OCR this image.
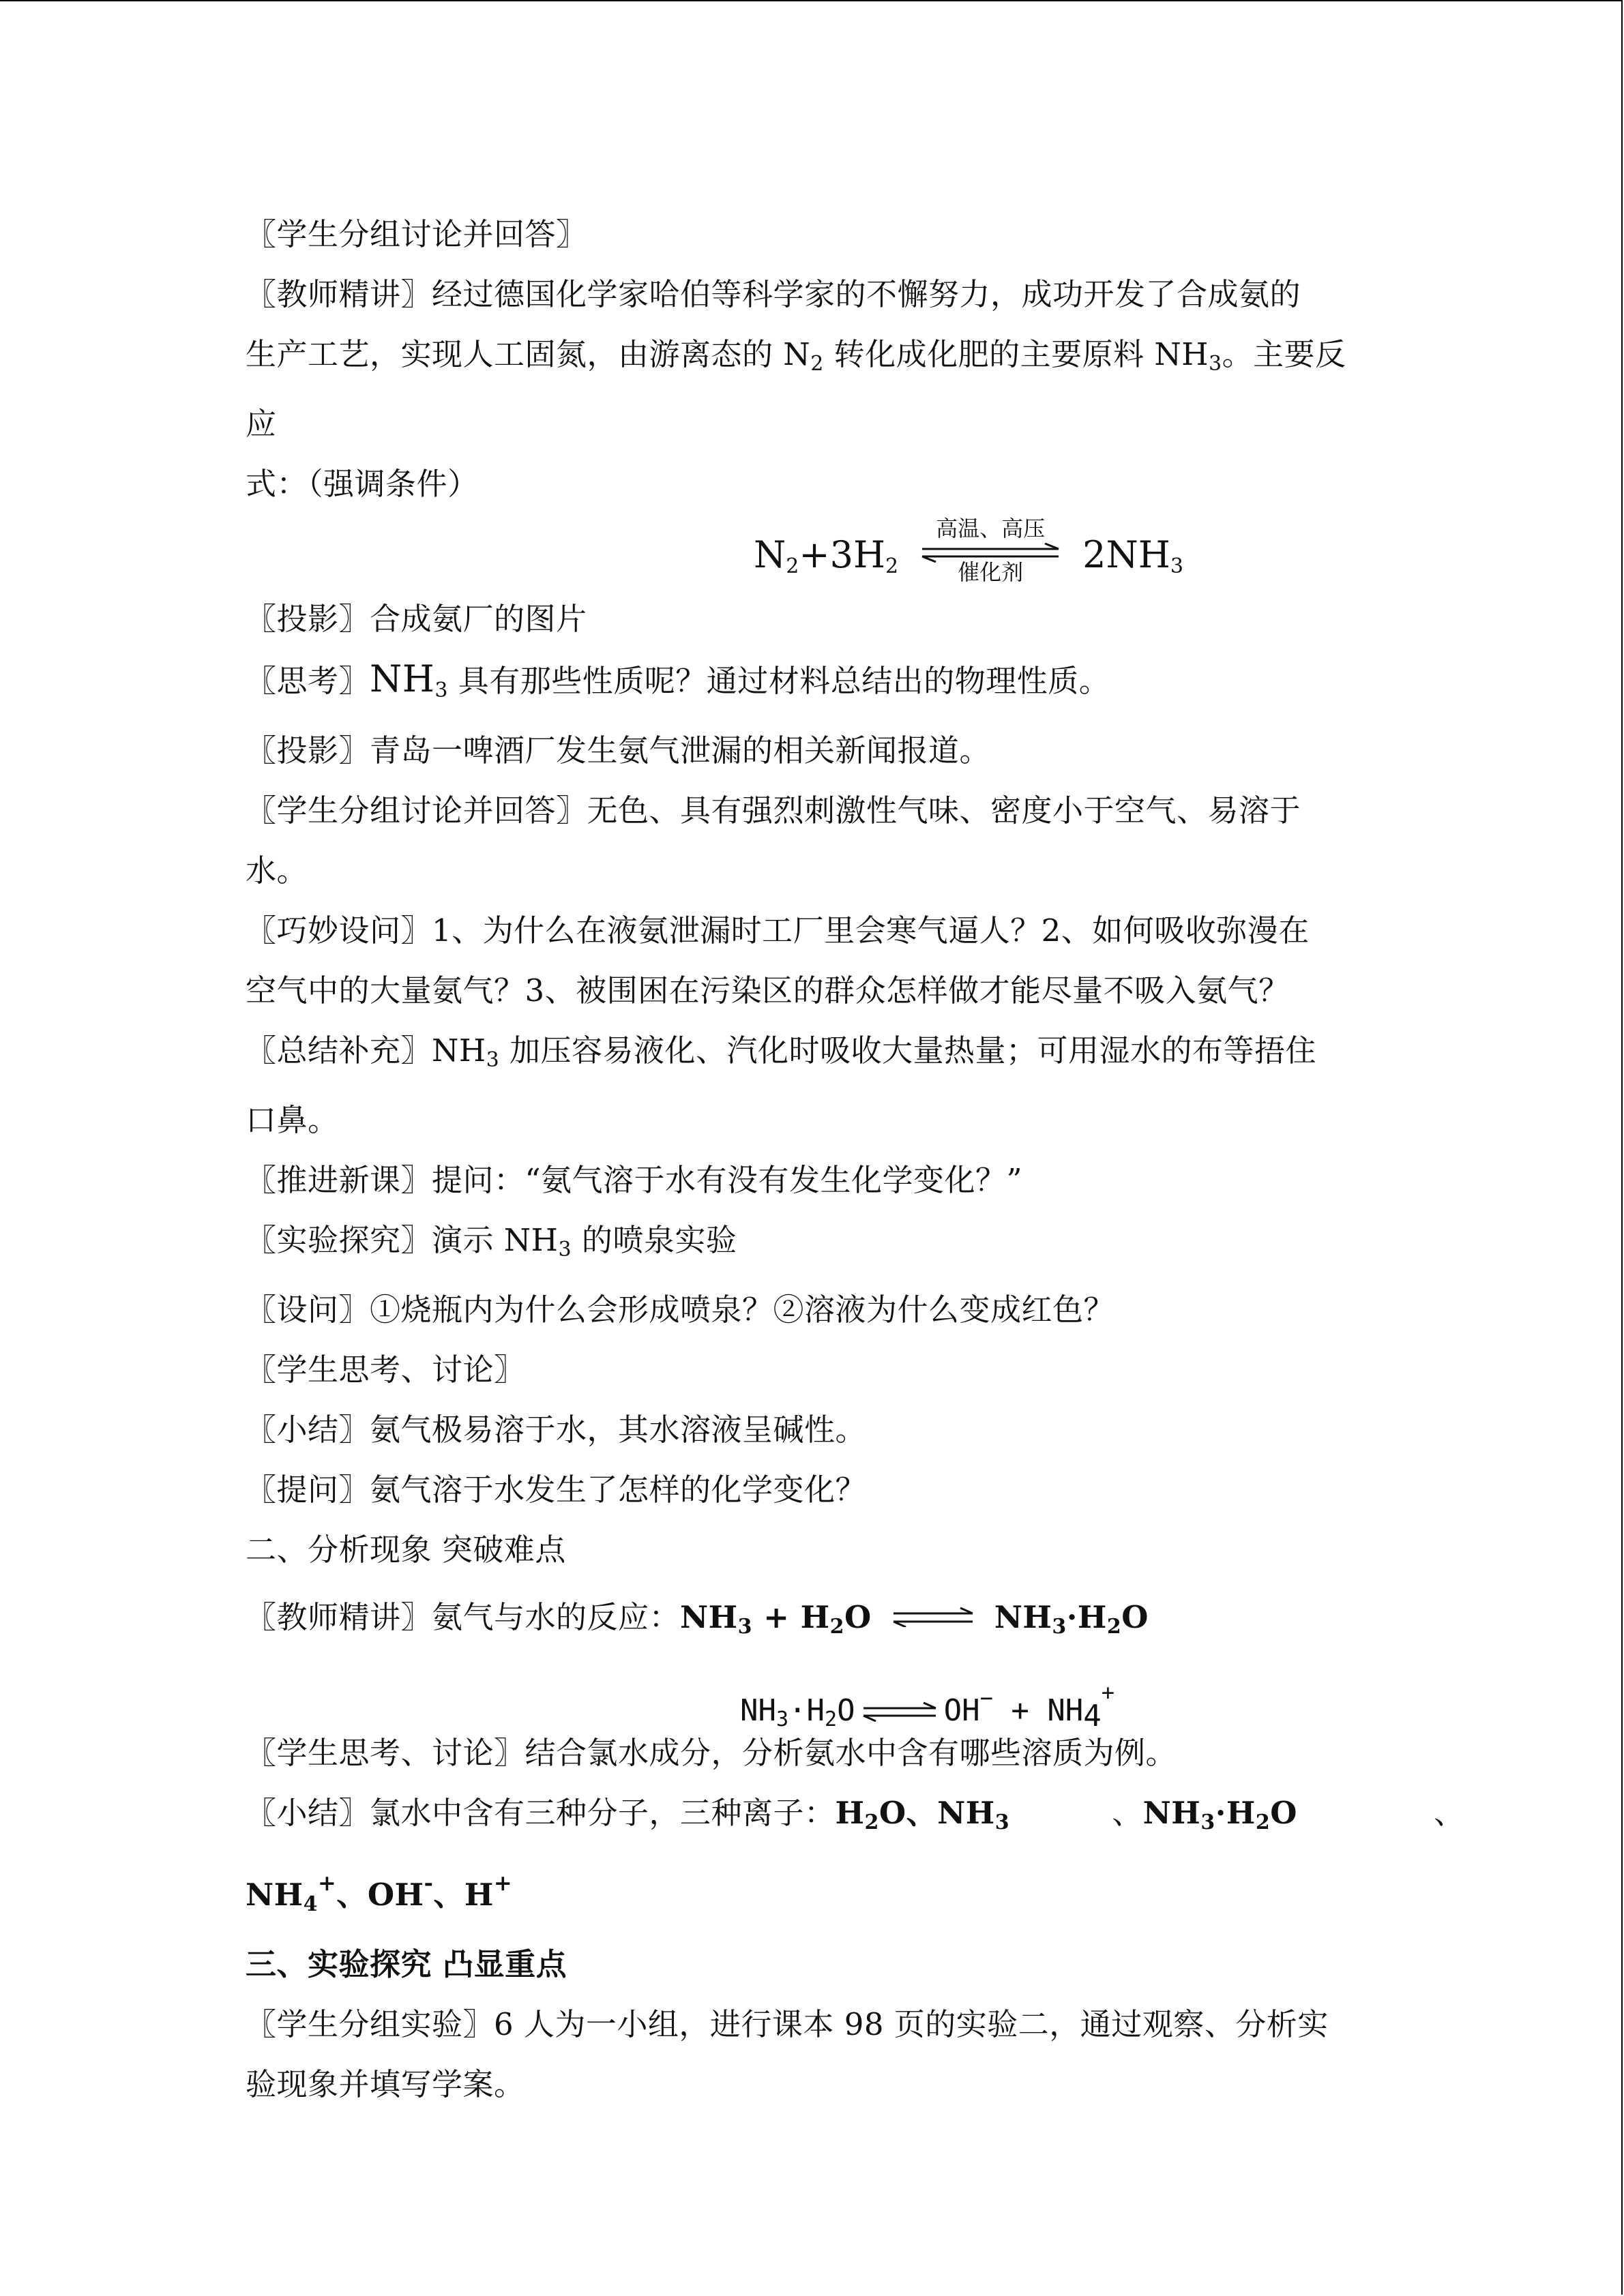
〖学生分组讨论并回答〗
〖教师精讲〗经过德国化学家哈伯等科学家的不懈努力，成功开发了合成氨的
生产工艺，实现人工固氮，由游离态的 $N_2$ 转化成化肥的主要原料 $NH_3$。主要反
应
式：（强调条件）
$N_2+3H_2$
高温、高压
催化剂	$2NH_3$
〖投影〗合成氨厂的图片
〖思考〗$NH_3$ 具有那些性质呢？通过材料总结出的物理性质。
〖投影〗青岛一啤酒厂发生氨气泄漏的相关新闻报道。
〖学生分组讨论并回答〗无色、具有强烈刺激性气味、密度小于空气、易溶于
水。
〖巧妙设问〗1、为什么在液氨泄漏时工厂里会寒气逼人？2、如何吸收弥漫在
空气中的大量氨气？3、被围困在污染区的群众怎样做才能尽量不吸入氨气？
〖总结补充〗$NH_3$ 加压容易液化、汽化时吸收大量热量；可用湿水的布等捂住
口鼻。
〖推进新课〗提问：“氨气溶于水有没有发生化学变化？”
〖实验探究〗演示 $NH_3$ 的喷泉实验
〖设问〗①烧瓶内为什么会形成喷泉？②溶液为什么变成红色？
〖学生思考、讨论〗
〖小结〗氨气极易溶于水，其水溶液呈碱性。
〖提问〗氨气溶于水发生了怎样的化学变化？
二、分析现象 突破难点
〖教师精讲〗氨气与水的反应：$NH_3 + H_2O$ ⇌ $NH_3\cdot H_2O$
$NH_3\cdot H_2O$ ⇌ OH− + NH4+
〖学生思考、讨论〗结合氯水成分，分析氨水中含有哪些溶质为例。
〖小结〗氯水中含有三种分子，三种离子：$H_2O$、$NH_3$	、$NH_3\cdot H_2O$	、
$NH_4^+$、OH-、H+
三、实验探究 凸显重点
〖学生分组实验〗6 人为一小组，进行课本 98 页的实验二，通过观察、分析实
验现象并填写学案。
